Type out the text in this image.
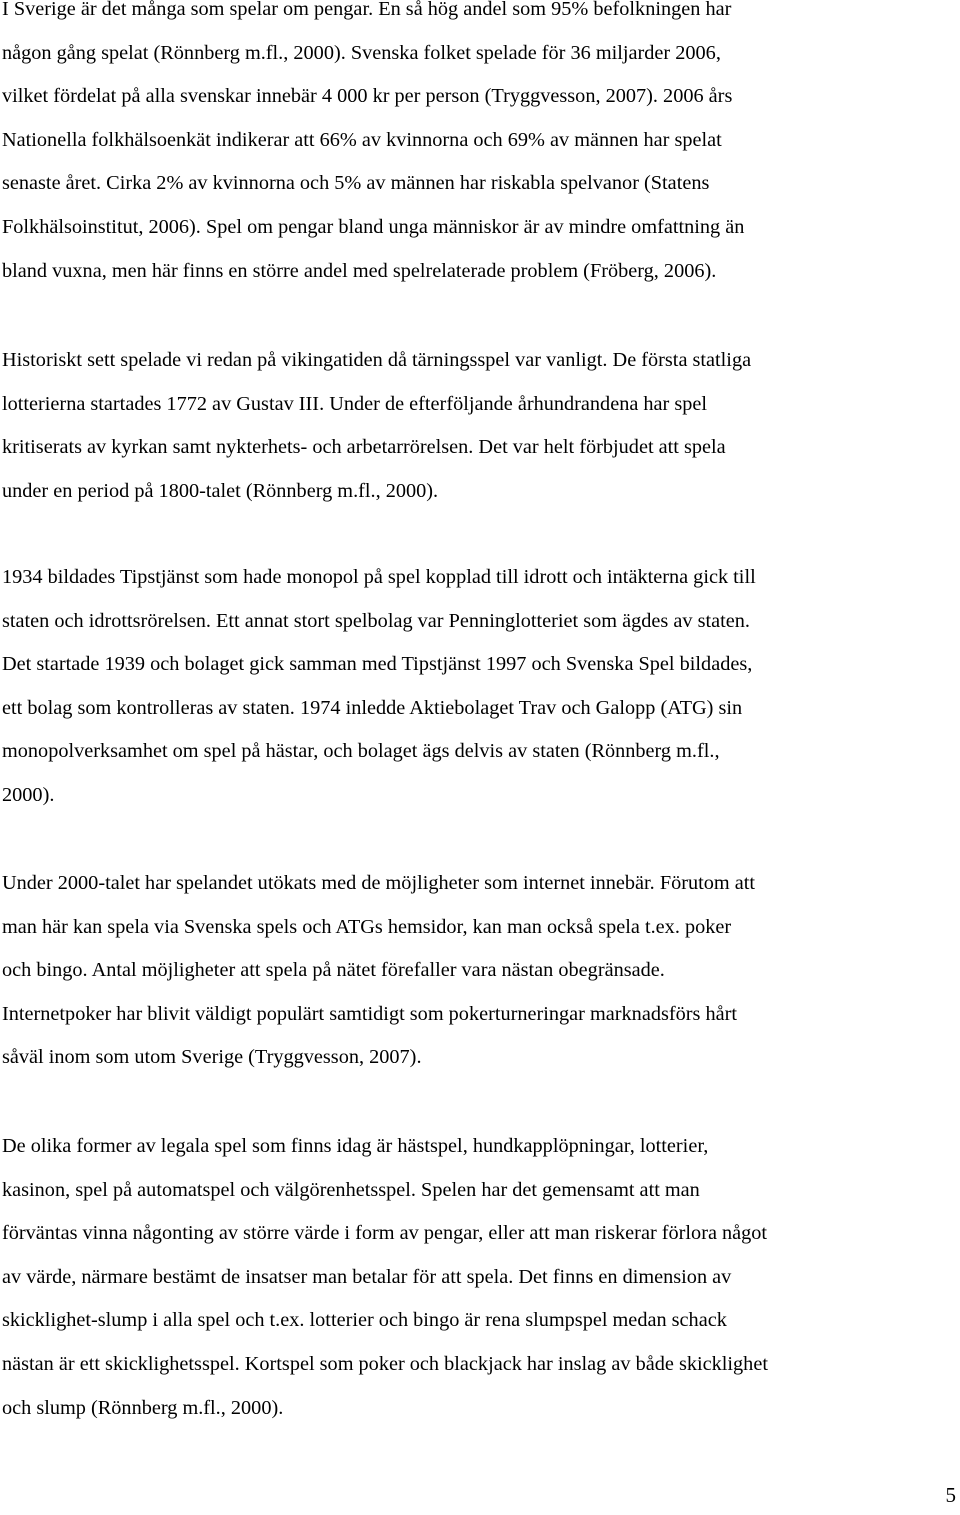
I Sverige är det många som spelar om pengar. En så hög andel som 95% befolkningen har
någon gång spelat (Rönnberg m.fl., 2000). Svenska folket spelade för 36 miljarder 2006,
vilket fördelat på alla svenskar innebär 4 000 kr per person (Tryggvesson, 2007). 2006 års
Nationella folkhälsoenkät indikerar att 66% av kvinnorna och 69% av männen har spelat
senaste året. Cirka 2% av kvinnorna och 5% av männen har riskabla spelvanor (Statens
Folkhälsoinstitut, 2006). Spel om pengar bland unga människor är av mindre omfattning än
bland vuxna, men här finns en större andel med spelrelaterade problem (Fröberg, 2006).
Historiskt sett spelade vi redan på vikingatiden då tärningsspel var vanligt. De första statliga
lotterierna startades 1772 av Gustav III. Under de efterföljande århundrandena har spel
kritiserats av kyrkan samt nykterhets- och arbetarrörelsen. Det var helt förbjudet att spela
under en period på 1800-talet (Rönnberg m.fl., 2000).
1934 bildades Tipstjänst som hade monopol på spel kopplad till idrott och intäkterna gick till
staten och idrottsrörelsen. Ett annat stort spelbolag var Penninglotteriet som ägdes av staten.
Det startade 1939 och bolaget gick samman med Tipstjänst 1997 och Svenska Spel bildades,
ett bolag som kontrolleras av staten. 1974 inledde Aktiebolaget Trav och Galopp (ATG) sin
monopolverksamhet om spel på hästar, och bolaget ägs delvis av staten (Rönnberg m.fl.,
2000).
Under 2000-talet har spelandet utökats med de möjligheter som internet innebär. Förutom att
man här kan spela via Svenska spels och ATGs hemsidor, kan man också spela t.ex. poker
och bingo. Antal möjligheter att spela på nätet förefaller vara nästan obegränsade.
Internetpoker har blivit väldigt populärt samtidigt som pokerturneringar marknadsförs hårt
såväl inom som utom Sverige (Tryggvesson, 2007).
De olika former av legala spel som finns idag är hästspel, hundkapplöpningar, lotterier,
kasinon, spel på automatspel och välgörenhetsspel. Spelen har det gemensamt att man
förväntas vinna någonting av större värde i form av pengar, eller att man riskerar förlora något
av värde, närmare bestämt de insatser man betalar för att spela. Det finns en dimension av
skicklighet-slump i alla spel och t.ex. lotterier och bingo är rena slumpspel medan schack
nästan är ett skicklighetsspel. Kortspel som poker och blackjack har inslag av både skicklighet
och slump (Rönnberg m.fl., 2000).
5
